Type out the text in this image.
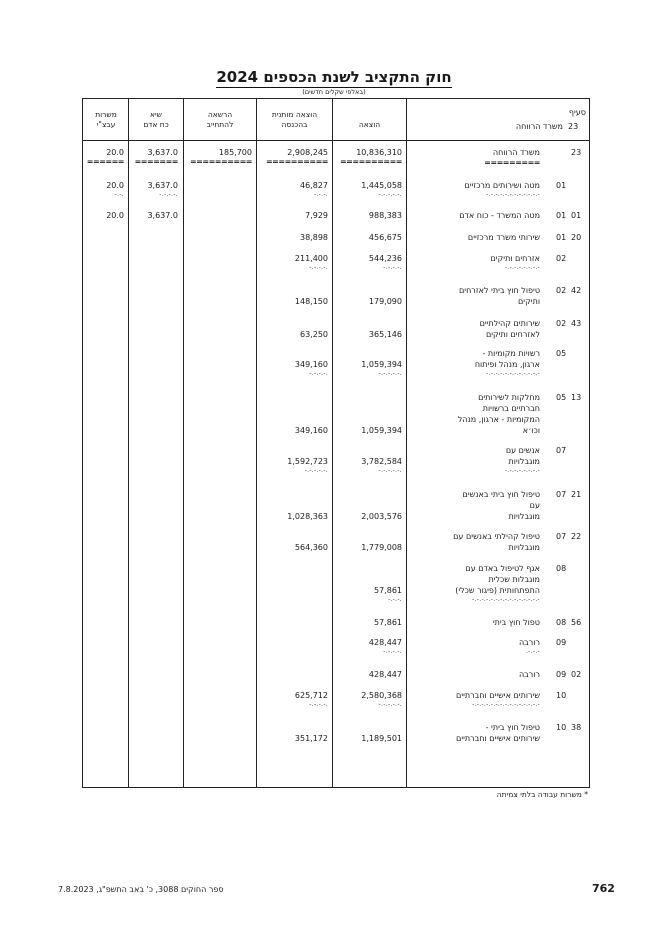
חוק התקציב לשנת הכספים 2024
(באלפי שקלים חדשים)
משרות
עבצ"י
שיא
כח אדם
הרשאה
להתחייב
הוצאה מותנית
בהכנסה	הוצאה
סעיף
23
משרד הרווחה
23
משרד הרווחה
=========
10,836,310
==========
2,908,245
==========
185,700
==========
3,637.0
=======
20.0
======
01
מטה ושירותים מרכזיים
-.-.-.-.-.-.-.-.-.-.-.-
1,445,058
-.-.-.-.-.
46,827
-.-.-.
3,637.0
-.-.-.-.
20.0
-.-.
01
01
מטה המשרד - כוח אדם
988,383
7,929
3,637.0
20.0
20
01
שירותי משרד מרכזיים
456,675
38,898
02
אזרחים ותיקים
-.-.-.-.-.-.-.-
544,236
-.-.-.-.
211,400
-.-.-.-.
42
02
טיפול חוץ ביתי לאזרחים
ותיקים
179,090
148,150
43
02
שירותים קהילתיים
לאזרחים ותיקים
365,146
63,250
05
רשויות מקומיות -
ארגון, מנהל ופיתוח
-.-.-.-.-.-.-.-.-.-.-.-
1,059,394
-.-.-.-.-.
349,160
-.-.-.-.
13
05
מחלקות לשירותים
חברתיים ברשויות
המקומיות - ארגון, מנהל
וכו׳א
1,059,394
349,160
07
אנשים עם
מוגבלויות
-.-.-.-.-.-.-.-
3,782,584
-.-.-.-.-.
1,592,723
-.-.-.-.-.
21
07
טיפול חוץ ביתי באנשים
עם
מוגבלויות
2,003,576
1,028,363
22
07
טיפול קהילתי באנשים עם
מוגבלויות
1,779,008
564,360
08
אגף לטיפול באדם עם
מוגבלות שכלית
התפתחותית (פיגור שכלי)
-.-.-.-.-.-.-.-.-.-.-.-.-.-.-
57,861
-.-.-.
56
08
טפול חוץ ביתי
57,861
09
רורבה
-.-.-.
428,447
-.-.-.-.
02
09
רורבה
428,447
10
שירותים אישיים וחברתיים
-.-.-.-.-.-.-.-.-.-.-.-.-.-.-
2,580,368
-.-.-.-.-.
625,712
-.-.-.-.
38
10
טיפול חוץ ביתי -
שירותים אישיים וחברתיים
1,189,501
351,172
* משרות עבודה בלתי צמיתה
ספר החוקים 3088, כ' באב התשפ"ג, 7.8.2023	762
